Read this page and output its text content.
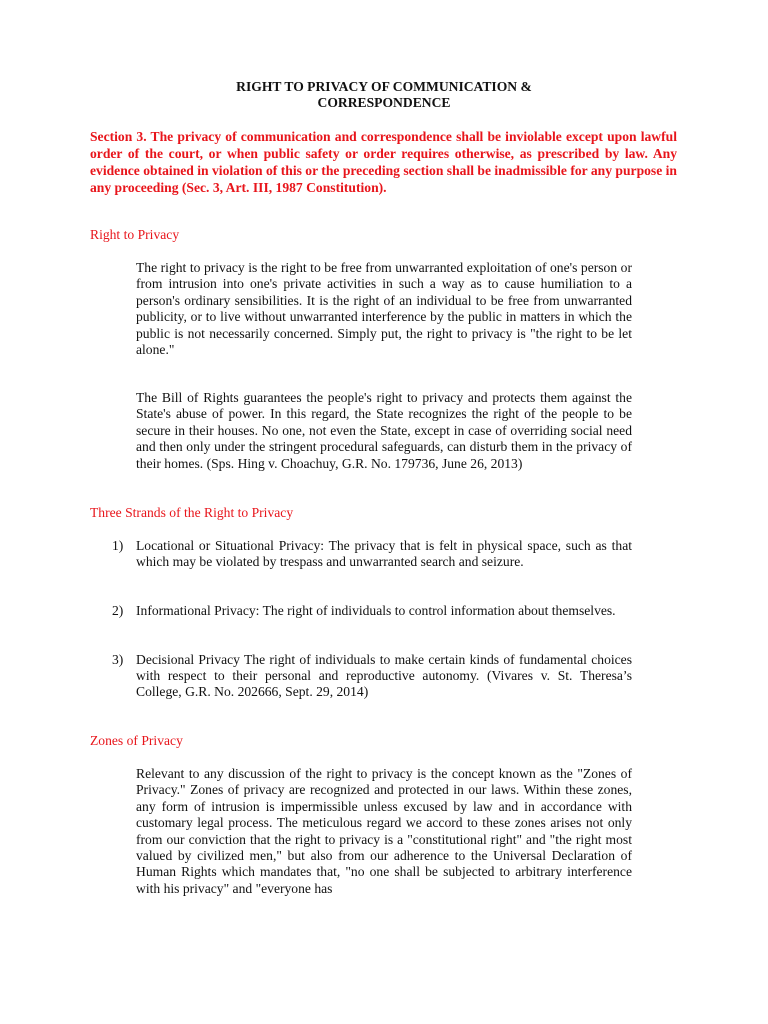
RIGHT TO PRIVACY OF COMMUNICATION &
CORRESPONDENCE
Section 3. The privacy of communication and correspondence shall be inviolable except upon lawful order of the court, or when public safety or order requires otherwise, as prescribed by law. Any evidence obtained in violation of this or the preceding section shall be inadmissible for any purpose in any proceeding (Sec. 3, Art. III, 1987 Constitution).
Right to Privacy
The right to privacy is the right to be free from unwarranted exploitation of one's person or from intrusion into one's private activities in such a way as to cause humiliation to a person's ordinary sensibilities. It is the right of an individual to be free from unwarranted publicity, or to live without unwarranted interference by the public in matters in which the public is not necessarily concerned. Simply put, the right to privacy is "the right to be let alone."
The Bill of Rights guarantees the people's right to privacy and protects them against the State's abuse of power. In this regard, the State recognizes the right of the people to be secure in their houses. No one, not even the State, except in case of overriding social need and then only under the stringent procedural safeguards, can disturb them in the privacy of their homes. (Sps. Hing v. Choachuy, G.R. No. 179736, June 26, 2013)
Three Strands of the Right to Privacy
1) Locational or Situational Privacy: The privacy that is felt in physical space, such as that which may be violated by trespass and unwarranted search and seizure.
2) Informational Privacy: The right of individuals to control information about themselves.
3) Decisional Privacy The right of individuals to make certain kinds of fundamental choices with respect to their personal and reproductive autonomy. (Vivares v. St. Theresa’s College, G.R. No. 202666, Sept. 29, 2014)
Zones of Privacy
Relevant to any discussion of the right to privacy is the concept known as the "Zones of Privacy." Zones of privacy are recognized and protected in our laws. Within these zones, any form of intrusion is impermissible unless excused by law and in accordance with customary legal process. The meticulous regard we accord to these zones arises not only from our conviction that the right to privacy is a "constitutional right" and "the right most valued by civilized men," but also from our adherence to the Universal Declaration of Human Rights which mandates that, "no one shall be subjected to arbitrary interference with his privacy" and "everyone has
